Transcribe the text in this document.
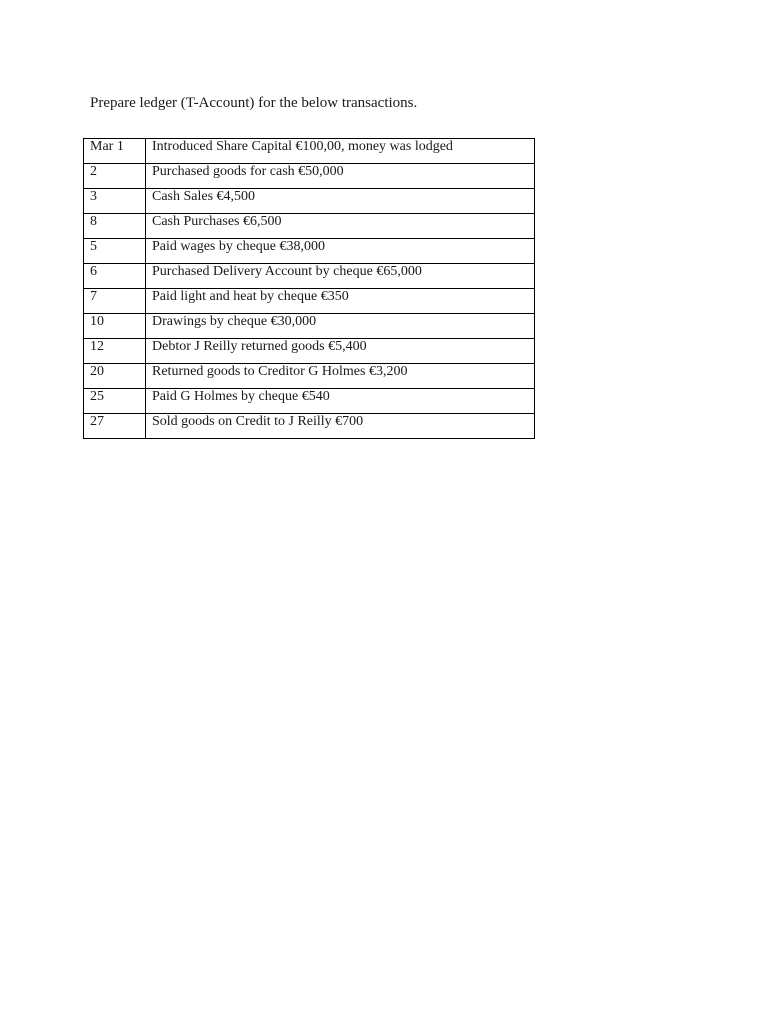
Prepare ledger (T-Account) for the below transactions.

Mar 1	Introduced Share Capital €100,00, money was lodged
2	Purchased goods for cash €50,000
3	Cash Sales €4,500
8	Cash Purchases €6,500
5	Paid wages by cheque €38,000
6	Purchased Delivery Account by cheque €65,000
7	Paid light and heat by cheque €350
10	Drawings by cheque €30,000
12	Debtor J Reilly returned goods €5,400
20	Returned goods to Creditor G Holmes €3,200
25	Paid G Holmes by cheque €540
27	Sold goods on Credit to J Reilly €700
